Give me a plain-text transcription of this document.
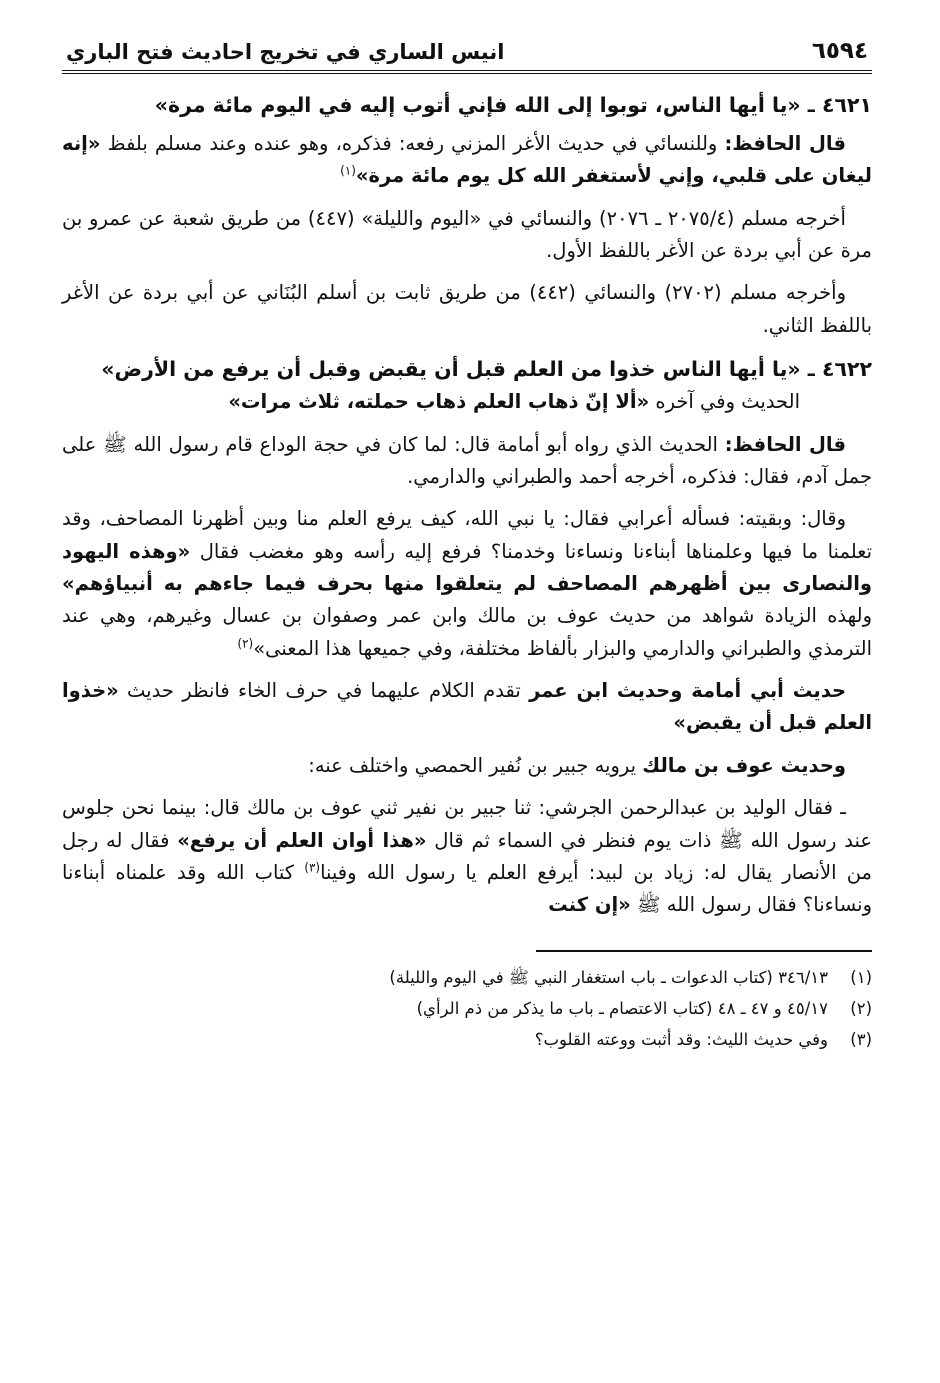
٦٥٩٤
انيس الساري في تخريج احاديث فتح الباري

٤٦٢١ ـ «يا أيها الناس، توبوا إلى الله فإني أتوب إليه في اليوم مائة مرة»

قال الحافظ: وللنسائي في حديث الأغر المزني رفعه: فذكره، وهو عنده وعند مسلم بلفظ «إنه ليغان على قلبي، وإني لأستغفر الله كل يوم مائة مرة»$^{(١)}$

أخرجه مسلم (٢٠٧٥/٤ ـ ٢٠٧٦) والنسائي في «اليوم والليلة» (٤٤٧) من طريق شعبة عن عمرو بن مرة عن أبي بردة عن الأغر باللفظ الأول.

وأخرجه مسلم (٢٧٠٢) والنسائي (٤٤٢) من طريق ثابت بن أسلم البُنَاني عن أبي بردة عن الأغر باللفظ الثاني.

٤٦٢٢ ـ «يا أيها الناس خذوا من العلم قبل أن يقبض وقبل أن يرفع من الأرض»

الحديث وفي آخره «ألا إنّ ذهاب العلم ذهاب حملته، ثلاث مرات»

قال الحافظ: الحديث الذي رواه أبو أمامة قال: لما كان في حجة الوداع قام رسول الله ﷺ على جمل آدم، فقال: فذكره، أخرجه أحمد والطبراني والدارمي.

وقال: وبقيته: فسأله أعرابي فقال: يا نبي الله، كيف يرفع العلم منا وبين أظهرنا المصاحف، وقد تعلمنا ما فيها وعلمناها أبناءنا ونساءنا وخدمنا؟ فرفع إليه رأسه وهو مغضب فقال «وهذه اليهود والنصارى بين أظهرهم المصاحف لم يتعلقوا منها بحرف فيما جاءهم به أنبياؤهم» ولهذه الزيادة شواهد من حديث عوف بن مالك وابن عمر وصفوان بن عسال وغيرهم، وهي عند الترمذي والطبراني والدارمي والبزار بألفاظ مختلفة، وفي جميعها هذا المعنى»$^{(٢)}$

حديث أبي أمامة وحديث ابن عمر تقدم الكلام عليهما في حرف الخاء فانظر حديث «خذوا العلم قبل أن يقبض»

وحديث عوف بن مالك يرويه جبير بن نُفير الحمصي واختلف عنه:

ـ فقال الوليد بن عبدالرحمن الجرشي: ثنا جبير بن نفير ثني عوف بن مالك قال: بينما نحن جلوس عند رسول الله ﷺ ذات يوم فنظر في السماء ثم قال «هذا أوان العلم أن يرفع» فقال له رجل من الأنصار يقال له: زياد بن لبيد: أيرفع العلم يا رسول الله وفينا$^{(٣)}$ كتاب الله وقد علمناه أبناءنا ونساءنا؟ فقال رسول الله ﷺ «إن كنت

(١)
٣٤٦/١٣ (كتاب الدعوات ـ باب استغفار النبي ﷺ في اليوم والليلة)
(٢)
٤٥/١٧ و ٤٧ ـ ٤٨ (كتاب الاعتصام ـ باب ما يذكر من ذم الرأي)
(٣)
وفي حديث الليث: وقد أثبت ووعته القلوب؟
